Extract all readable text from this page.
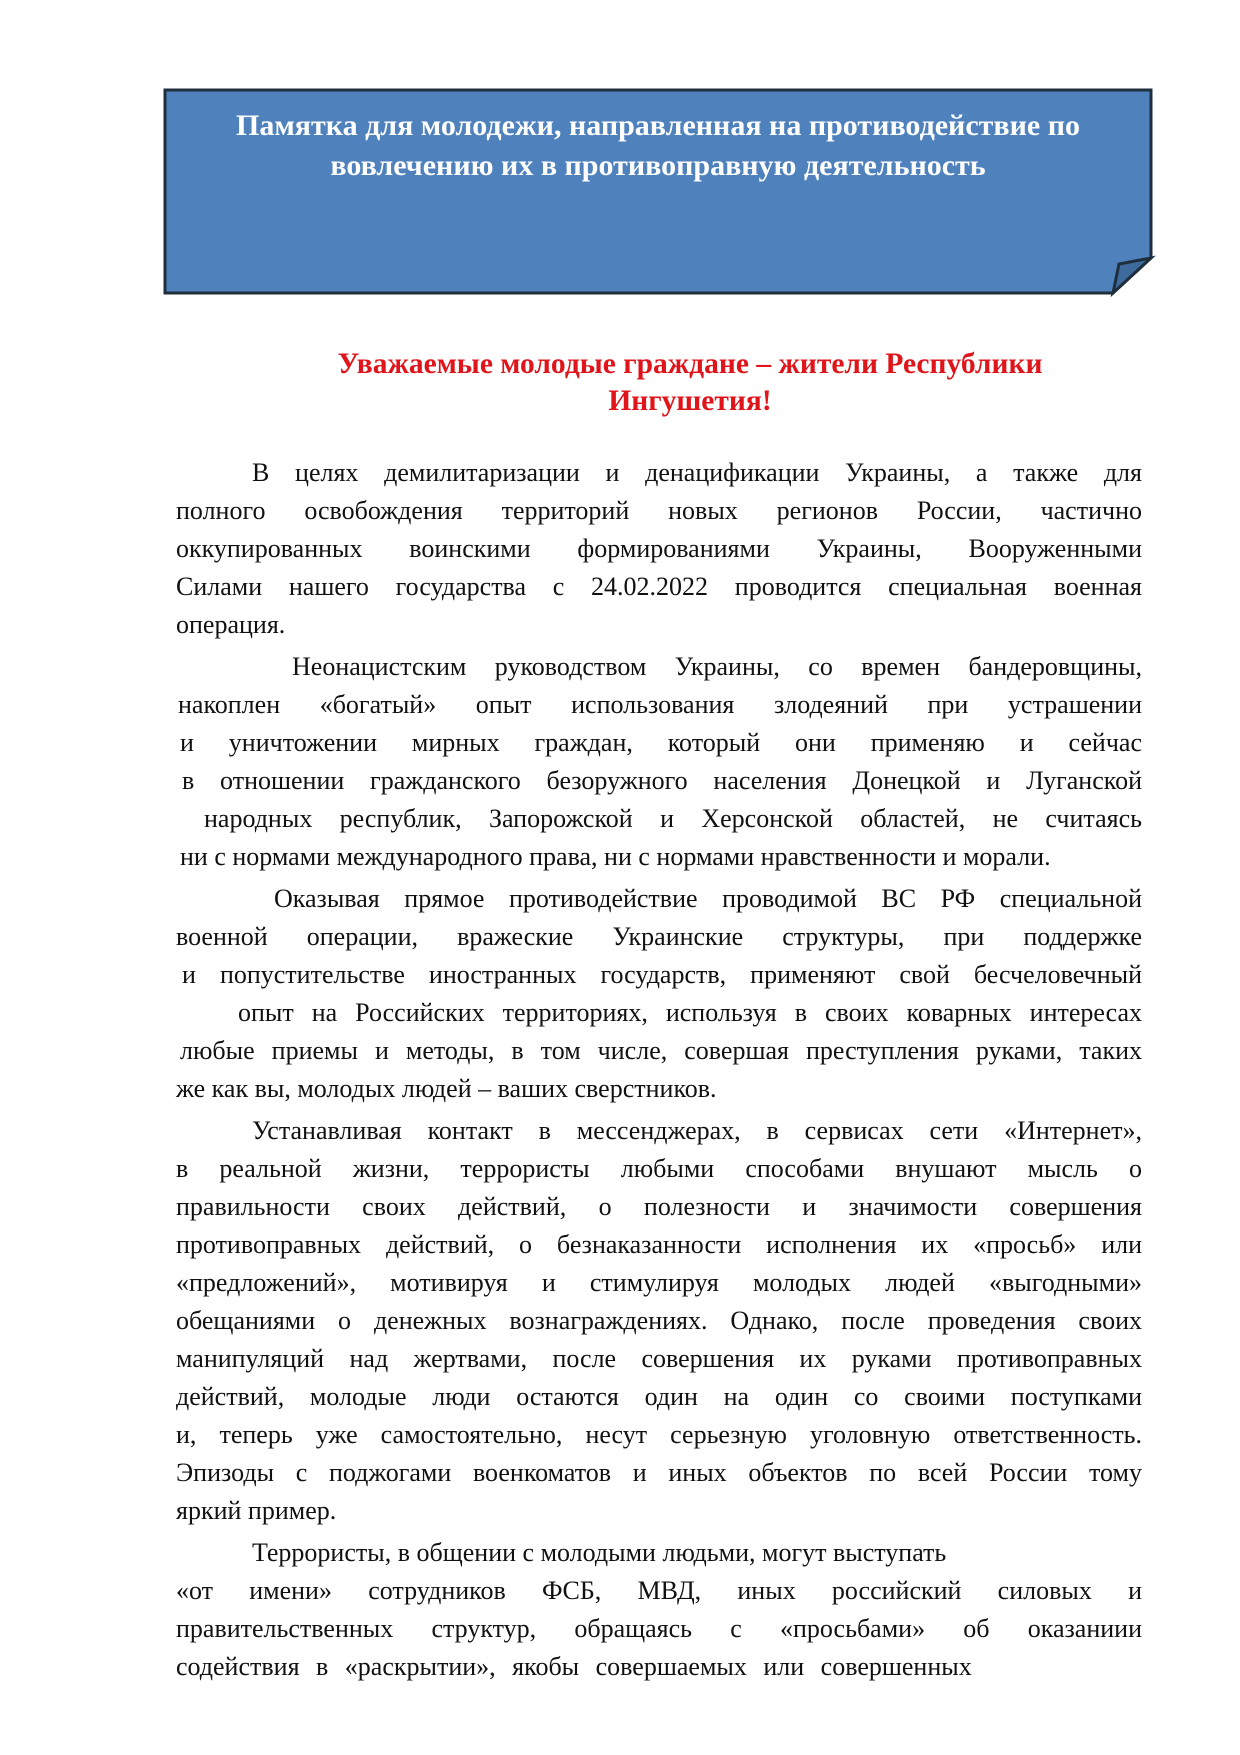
Памятка для молодежи, направленная на противодействие по вовлечению их в противоправную деятельность
Уважаемые молодые граждане – жители Республики Ингушетия!

В целях демилитаризации и денацификации Украины, а также для
полного освобождения территорий новых регионов России, частично
оккупированных воинскими формированиями Украины, Вооруженными
Силами нашего государства с 24.02.2022 проводится специальная военная
операция.

Неонацистским руководством Украины, со времен бандеровщины,
накоплен «богатый» опыт использования злодеяний при устрашении
и уничтожении мирных граждан, который они применяю и сейчас
в отношении гражданского безоружного населения Донецкой и Луганской
народных республик, Запорожской и Херсонской областей, не считаясь
ни с нормами международного права, ни с нормами нравственности и морали.

Оказывая прямое противодействие проводимой ВС РФ специальной
военной операции, вражеские Украинские структуры, при поддержке
и попустительстве иностранных государств, применяют свой бесчеловечный
опыт на Российских территориях, используя в своих коварных интересах
любые приемы и методы, в том числе, совершая преступления руками, таких
же как вы, молодых людей – ваших сверстников.

Устанавливая контакт в мессенджерах, в сервисах сети «Интернет»,
в реальной жизни, террористы любыми способами внушают мысль о
правильности своих действий, о полезности и значимости совершения
противоправных действий, о безнаказанности исполнения их «просьб» или
«предложений», мотивируя и стимулируя молодых людей «выгодными»
обещаниями о денежных вознаграждениях. Однако, после проведения своих
манипуляций над жертвами, после совершения их руками противоправных
действий, молодые люди остаются один на один со своими поступками
и, теперь уже самостоятельно, несут серьезную уголовную ответственность.
Эпизоды с поджогами военкоматов и иных объектов по всей России тому
яркий пример.

Террористы, в общении с молодыми людьми, могут выступать
«от имени» сотрудников ФСБ, МВД, иных российский силовых и
правительственных структур, обращаясь с «просьбами» об оказаниии
содействия в «раскрытии», якобы совершаемых или совершенных
